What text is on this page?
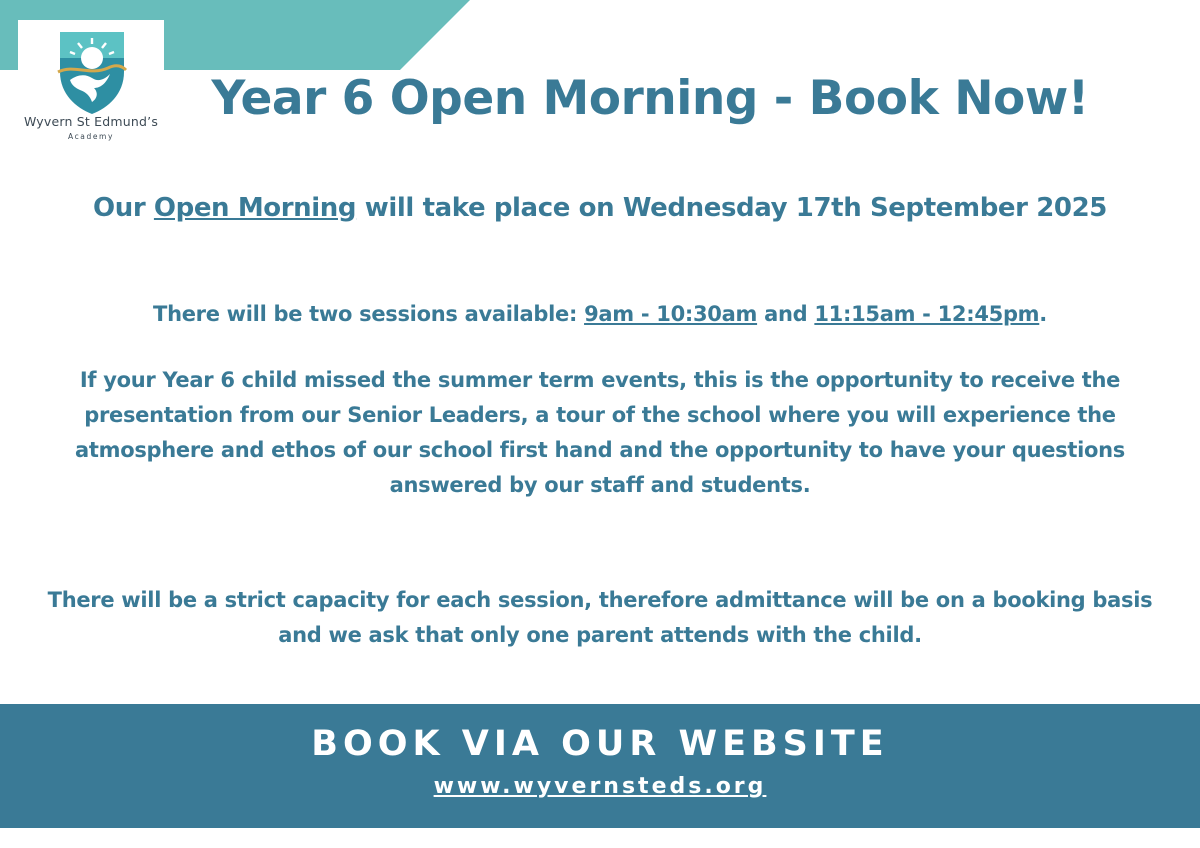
Wyvern St Edmund’s
Academy
Year 6 Open Morning - Book Now!
Our Open Morning will take place on Wednesday 17th September 2025
There will be two sessions available: 9am - 10:30am and 11:15am - 12:45pm.
If your Year 6 child missed the summer term events, this is the opportunity to receive the presentation from our Senior Leaders, a tour of the school where you will experience the atmosphere and ethos of our school first hand and the opportunity to have your questions answered by our staff and students.
There will be a strict capacity for each session, therefore admittance will be on a booking basis and we ask that only one parent attends with the child.
BOOK VIA OUR WEBSITE
www.wyvernsteds.org
